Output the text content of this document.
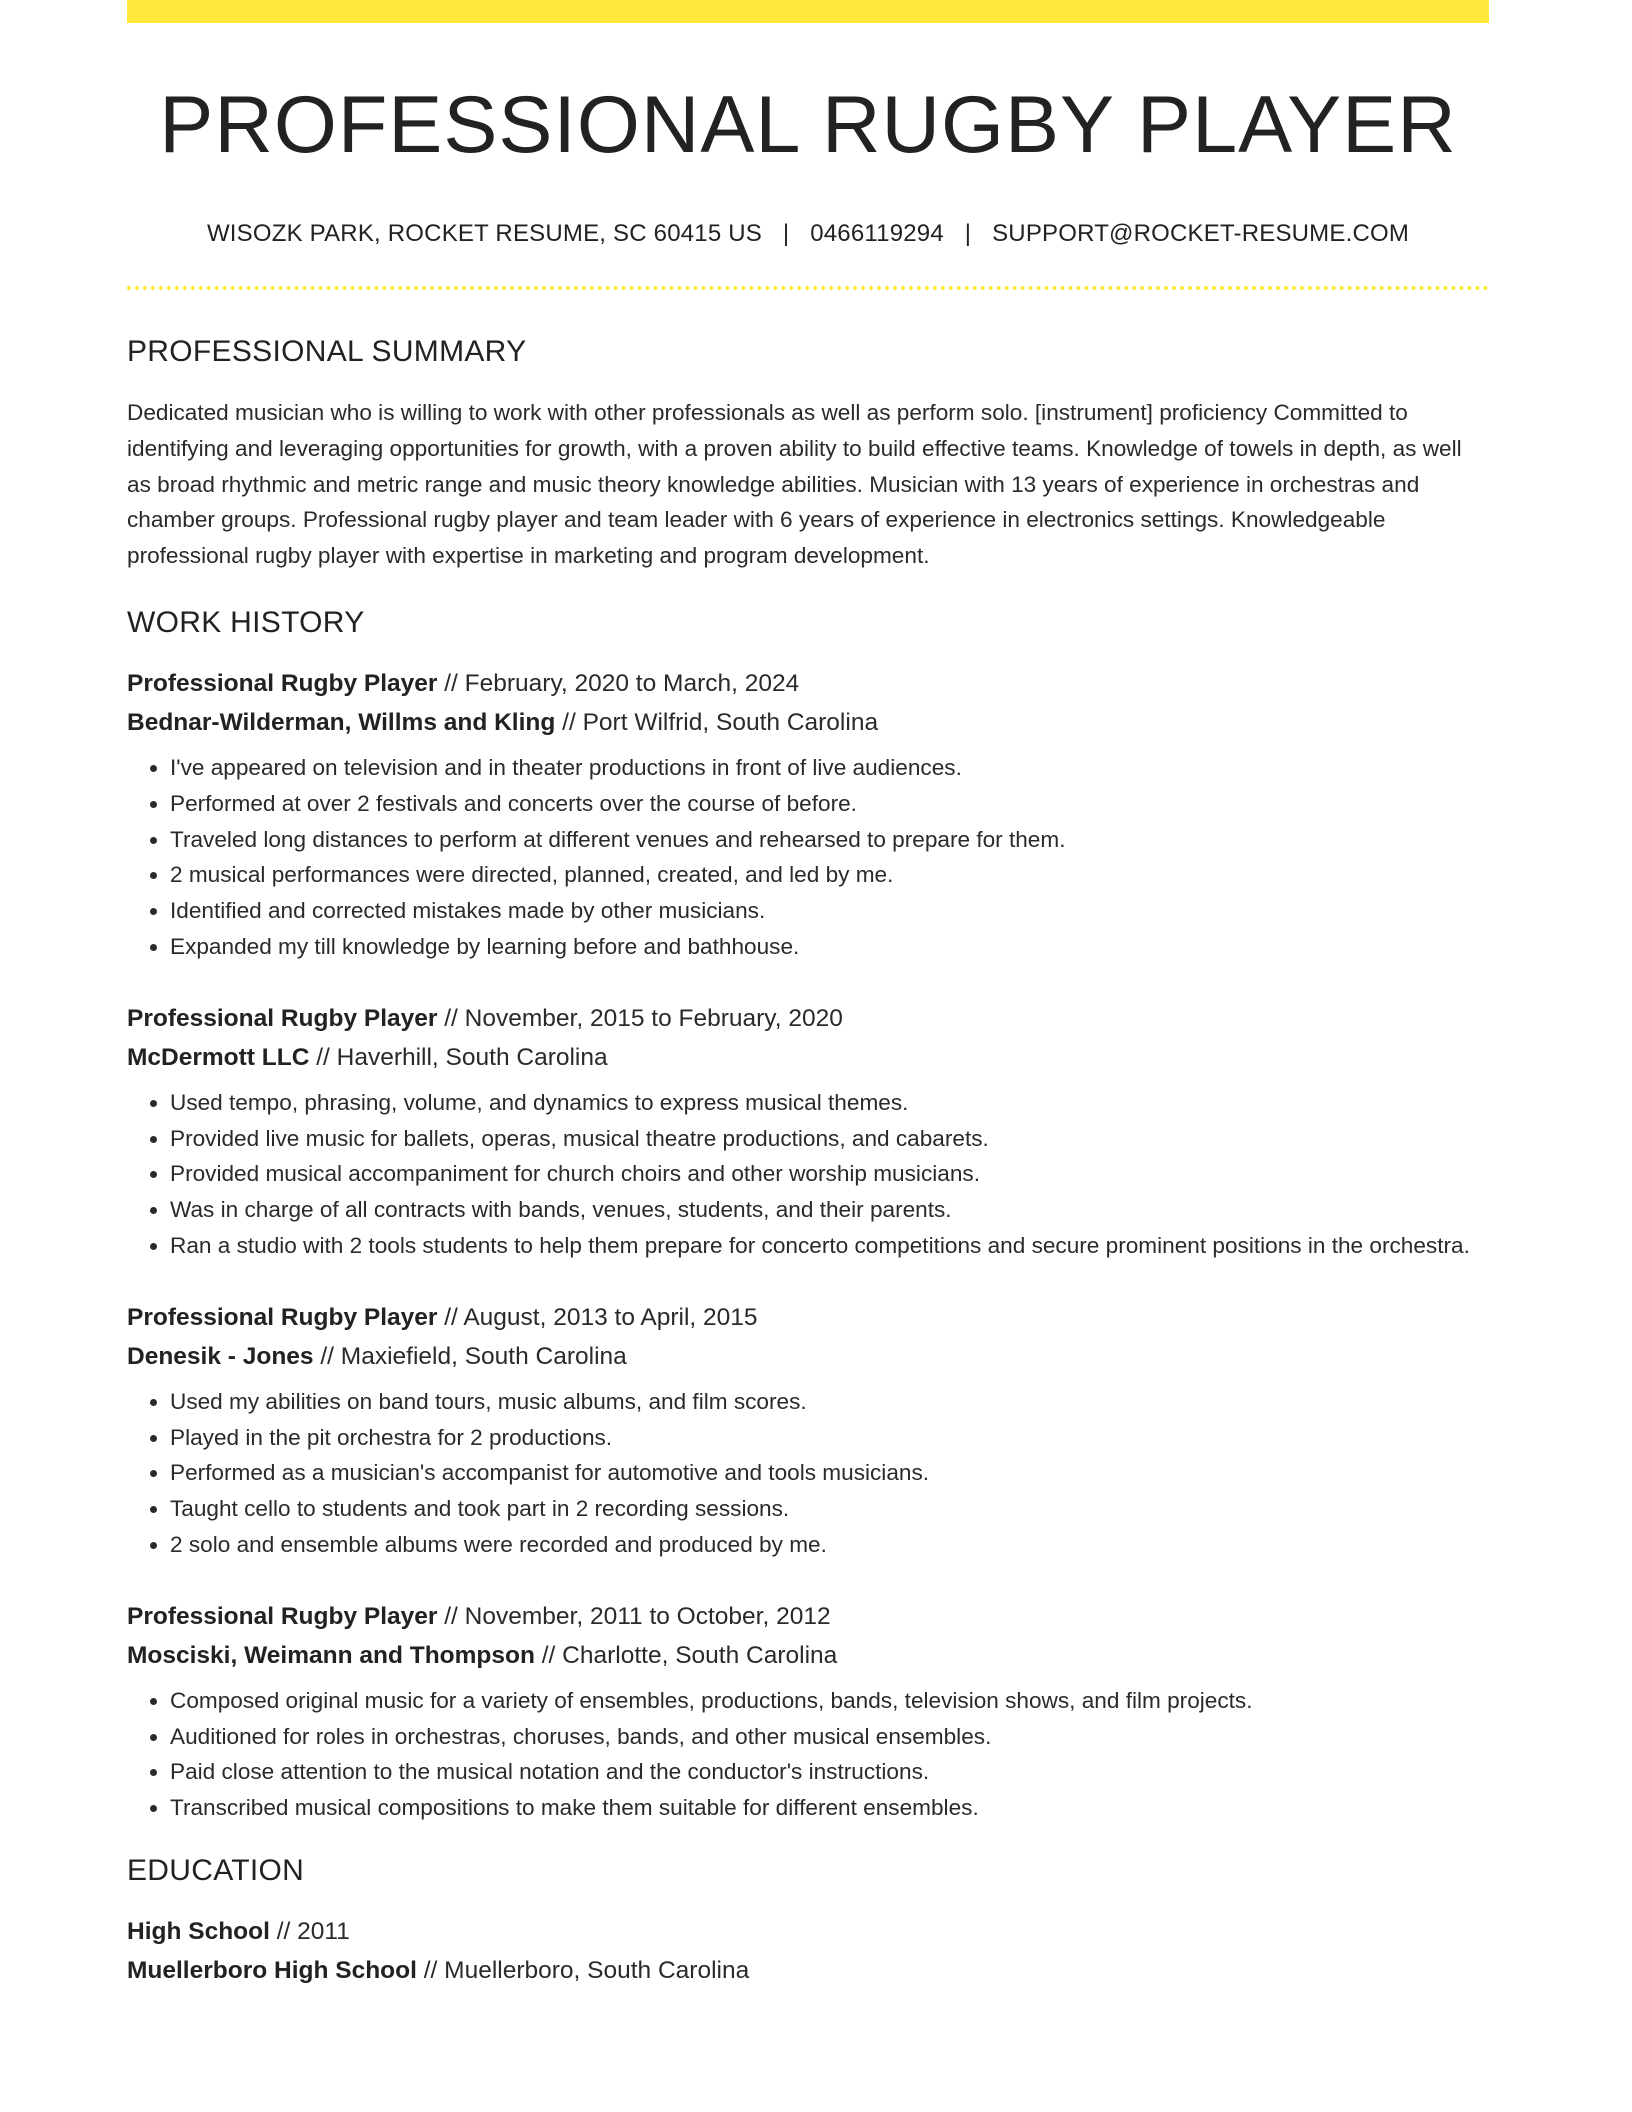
PROFESSIONAL RUGBY PLAYER
WISOZK PARK, ROCKET RESUME, SC 60415 US | 0466119294 | SUPPORT@ROCKET-RESUME.COM
PROFESSIONAL SUMMARY
Dedicated musician who is willing to work with other professionals as well as perform solo. [instrument] proficiency Committed to identifying and leveraging opportunities for growth, with a proven ability to build effective teams. Knowledge of towels in depth, as well as broad rhythmic and metric range and music theory knowledge abilities. Musician with 13 years of experience in orchestras and chamber groups. Professional rugby player and team leader with 6 years of experience in electronics settings. Knowledgeable professional rugby player with expertise in marketing and program development.
WORK HISTORY
Professional Rugby Player // February, 2020 to March, 2024
Bednar-Wilderman, Willms and Kling // Port Wilfrid, South Carolina
• I've appeared on television and in theater productions in front of live audiences.
• Performed at over 2 festivals and concerts over the course of before.
• Traveled long distances to perform at different venues and rehearsed to prepare for them.
• 2 musical performances were directed, planned, created, and led by me.
• Identified and corrected mistakes made by other musicians.
• Expanded my till knowledge by learning before and bathhouse.
Professional Rugby Player // November, 2015 to February, 2020
McDermott LLC // Haverhill, South Carolina
• Used tempo, phrasing, volume, and dynamics to express musical themes.
• Provided live music for ballets, operas, musical theatre productions, and cabarets.
• Provided musical accompaniment for church choirs and other worship musicians.
• Was in charge of all contracts with bands, venues, students, and their parents.
• Ran a studio with 2 tools students to help them prepare for concerto competitions and secure prominent positions in the orchestra.
Professional Rugby Player // August, 2013 to April, 2015
Denesik - Jones // Maxiefield, South Carolina
• Used my abilities on band tours, music albums, and film scores.
• Played in the pit orchestra for 2 productions.
• Performed as a musician's accompanist for automotive and tools musicians.
• Taught cello to students and took part in 2 recording sessions.
• 2 solo and ensemble albums were recorded and produced by me.
Professional Rugby Player // November, 2011 to October, 2012
Mosciski, Weimann and Thompson // Charlotte, South Carolina
• Composed original music for a variety of ensembles, productions, bands, television shows, and film projects.
• Auditioned for roles in orchestras, choruses, bands, and other musical ensembles.
• Paid close attention to the musical notation and the conductor's instructions.
• Transcribed musical compositions to make them suitable for different ensembles.
EDUCATION
High School // 2011
Muellerboro High School // Muellerboro, South Carolina
